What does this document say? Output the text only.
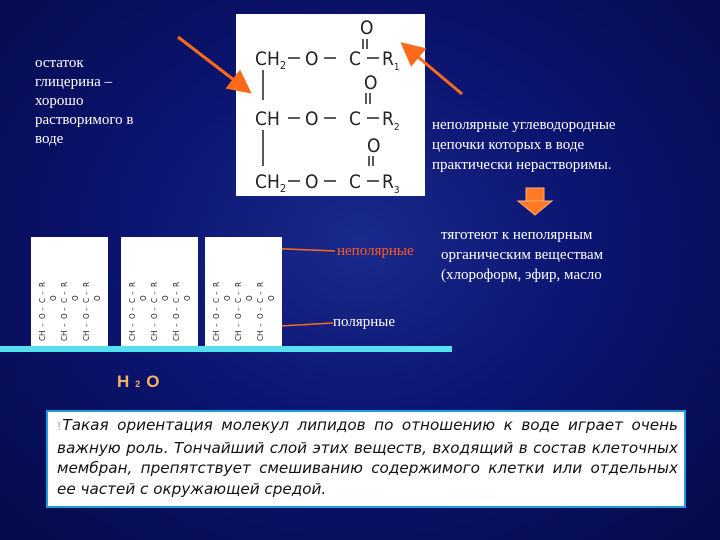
остаток
глицерина –
хорошо
растворимого в
воде
O
$CH_2$ O C $R_1$
O
CH O C $R_2$
O
$CH_2$ O C $R_3$
неполярные углеводородные
цепочки которых в воде
практически нерастворимы.
тяготеют к неполярным
органическим веществам
(хлороформ, эфир, масло
неполярные
полярные
CH
–
O
–
C
–
R
CH
–
O
–
C
–
R
CH
–
O
–
C
–
R
O O O
CH
–
O
–
C
–
R
CH
–
O
–
C
–
R
CH
–
O
–
C
–
R
O O O
CH
–
O
–
C
–
R
CH
–
O
–
C
–
R
CH
–
O
–
C
–
R
O O O
H2O

! Такая ориентация молекул липидов по отношению к воде играет очень важную роль. Тончайший слой этих веществ, входящий в состав клеточных мембран, препятствует смешиванию содержимого клетки или отдельных ее частей с окружающей средой.
